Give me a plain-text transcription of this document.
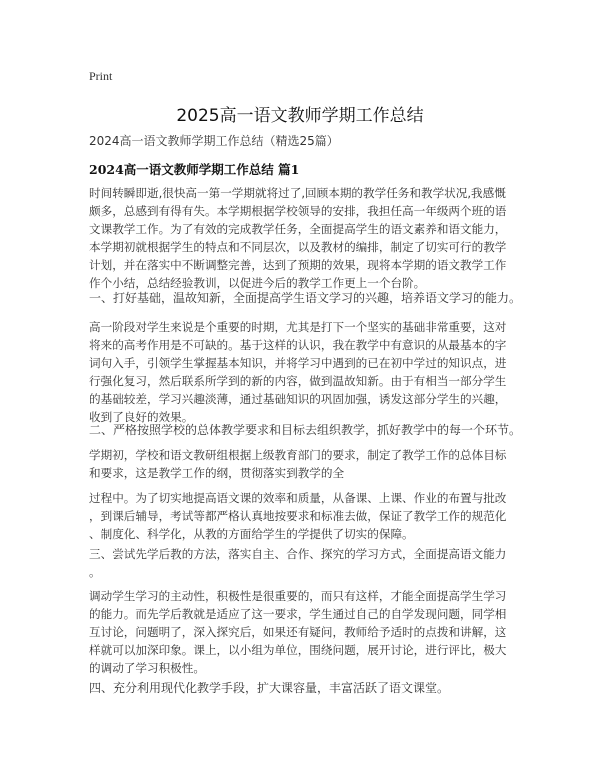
Print
2025高一语文教师学期工作总结
2024高一语文教师学期工作总结（精选25篇）
2024高一语文教师学期工作总结 篇1
时间转瞬即逝,很快高一第一学期就将过了,回顾本期的教学任务和教学状况,我感慨
颇多，总感到有得有失。本学期根据学校领导的安排，我担任高一年级两个班的语
文课教学工作。为了有效的完成教学任务，全面提高学生的语文素养和语文能力，
本学期初就根据学生的特点和不同层次，以及教材的编排，制定了切实可行的教学
计划，并在落实中不断调整完善，达到了预期的效果，现将本学期的语文教学工作
作个小结，总结经验教训，以促进今后的教学工作更上一个台阶。
一、打好基础，温故知新，全面提高学生语文学习的兴趣，培养语文学习的能力。
高一阶段对学生来说是个重要的时期，尤其是打下一个坚实的基础非常重要，这对
将来的高考作用是不可缺的。基于这样的认识，我在教学中有意识的从最基本的字
词句入手，引领学生掌握基本知识，并将学习中遇到的已在初中学过的知识点，进
行强化复习，然后联系所学到的新的内容，做到温故知新。由于有相当一部分学生
的基础较差，学习兴趣淡薄，通过基础知识的巩固加强，诱发这部分学生的兴趣，
收到了良好的效果。
二、严格按照学校的总体教学要求和目标去组织教学，抓好教学中的每一个环节。
学期初，学校和语文教研组根据上级教育部门的要求，制定了教学工作的总体目标
和要求，这是教学工作的纲，贯彻落实到教学的全
过程中。为了切实地提高语文课的效率和质量，从备课、上课、作业的布置与批改
，到课后辅导，考试等都严格认真地按要求和标准去做，保证了教学工作的规范化
、制度化、科学化，从教的方面给学生的学提供了切实的保障。
三、尝试先学后教的方法，落实自主、合作、探究的学习方式，全面提高语文能力
。
调动学生学习的主动性，积极性是很重要的，而只有这样，才能全面提高学生学习
的能力。而先学后教就是适应了这一要求，学生通过自己的自学发现问题，同学相
互讨论，问题明了，深入探究后，如果还有疑问，教师给予适时的点拨和讲解，这
样就可以加深印象。课上，以小组为单位，围绕问题，展开讨论，进行评比，极大
的调动了学习积极性。
四、充分利用现代化教学手段，扩大课容量，丰富活跃了语文课堂。
